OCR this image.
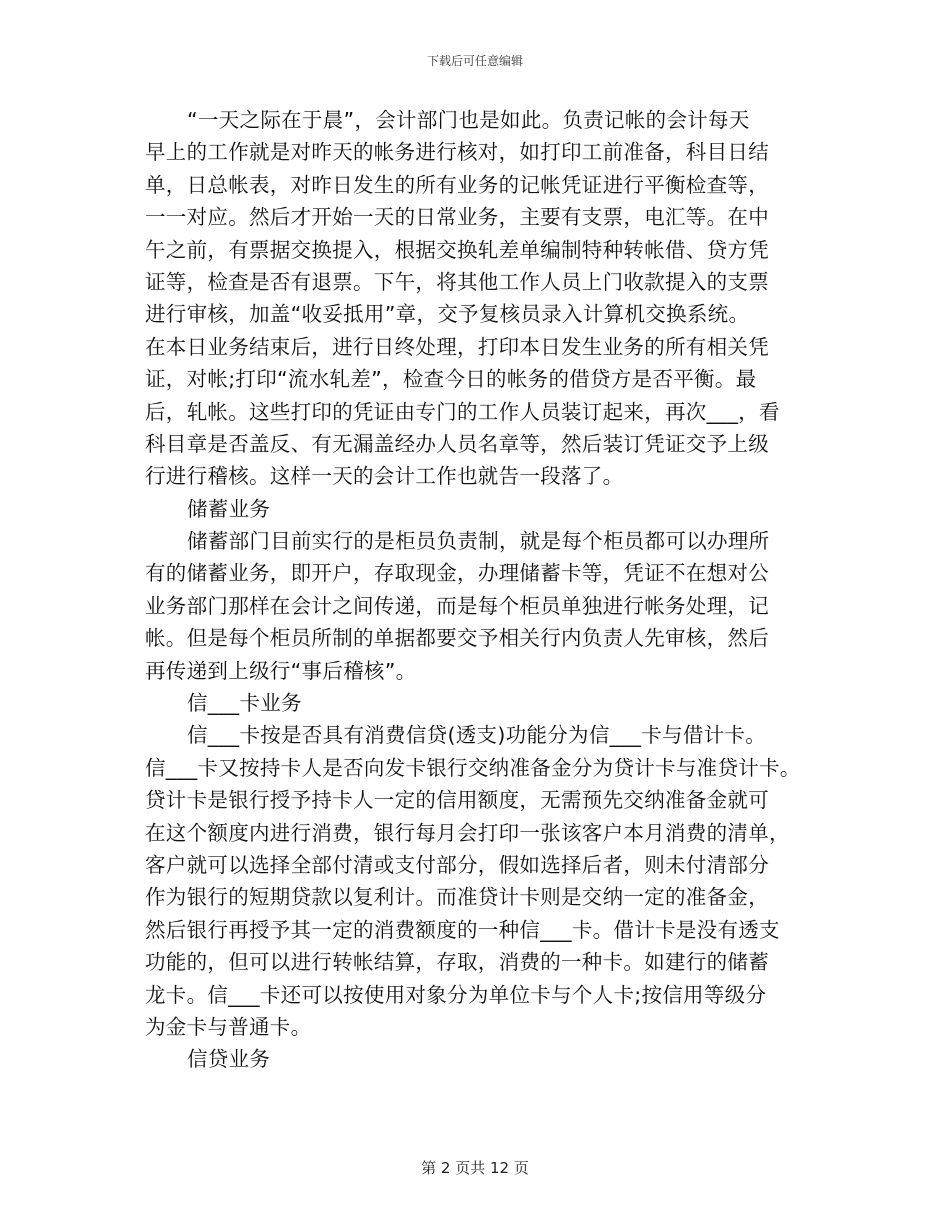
下载后可任意编辑
“一天之际在于晨”，会计部门也是如此。负责记帐的会计每天
早上的工作就是对昨天的帐务进行核对，如打印工前准备，科目日结
单，日总帐表，对昨日发生的所有业务的记帐凭证进行平衡检查等，
一一对应。然后才开始一天的日常业务，主要有支票，电汇等。在中
午之前，有票据交换提入，根据交换轧差单编制特种转帐借、贷方凭
证等，检查是否有退票。下午，将其他工作人员上门收款提入的支票
进行审核，加盖“收妥抵用”章，交予复核员录入计算机交换系统。
在本日业务结束后，进行日终处理，打印本日发生业务的所有相关凭
证，对帐;打印“流水轧差”，检查今日的帐务的借贷方是否平衡。最
后，轧帐。这些打印的凭证由专门的工作人员装订起来，再次___，看
科目章是否盖反、有无漏盖经办人员名章等，然后装订凭证交予上级
行进行稽核。这样一天的会计工作也就告一段落了。
储蓄业务
储蓄部门目前实行的是柜员负责制，就是每个柜员都可以办理所
有的储蓄业务，即开户，存取现金，办理储蓄卡等，凭证不在想对公
业务部门那样在会计之间传递，而是每个柜员单独进行帐务处理，记
帐。但是每个柜员所制的单据都要交予相关行内负责人先审核，然后
再传递到上级行“事后稽核”。
信___卡业务
信___卡按是否具有消费信贷(透支)功能分为信___卡与借计卡。
信___卡又按持卡人是否向发卡银行交纳准备金分为贷计卡与准贷计卡。
贷计卡是银行授予持卡人一定的信用额度，无需预先交纳准备金就可
在这个额度内进行消费，银行每月会打印一张该客户本月消费的清单，
客户就可以选择全部付清或支付部分，假如选择后者，则未付清部分
作为银行的短期贷款以复利计。而准贷计卡则是交纳一定的准备金，
然后银行再授予其一定的消费额度的一种信___卡。借计卡是没有透支
功能的，但可以进行转帐结算，存取，消费的一种卡。如建行的储蓄
龙卡。信___卡还可以按使用对象分为单位卡与个人卡;按信用等级分
为金卡与普通卡。
信贷业务
第 2 页共 12 页
